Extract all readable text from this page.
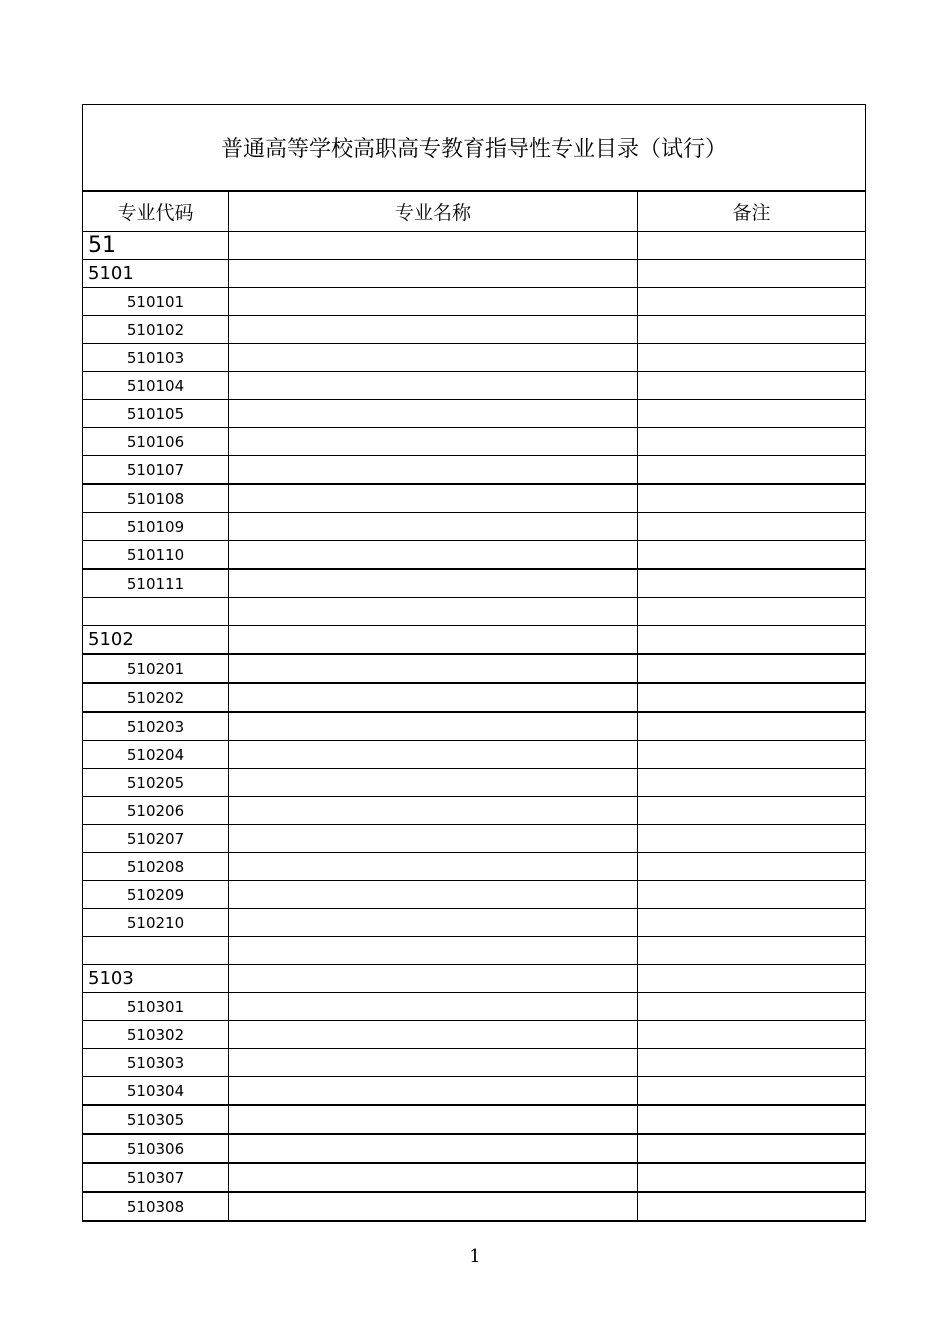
普通高等学校高职高专教育指导性专业目录（试行）		
专业代码	专业名称	备注
51		
5101		
510101		
510102		
510103		
510104		
510105		
510106		
510107		
510108		
510109		
510110		
510111		

5102		
510201		
510202		
510203		
510204		
510205		
510206		
510207		
510208		
510209		
510210		

5103		
510301		
510302		
510303		
510304		
510305		
510306		
510307		
510308		
1
